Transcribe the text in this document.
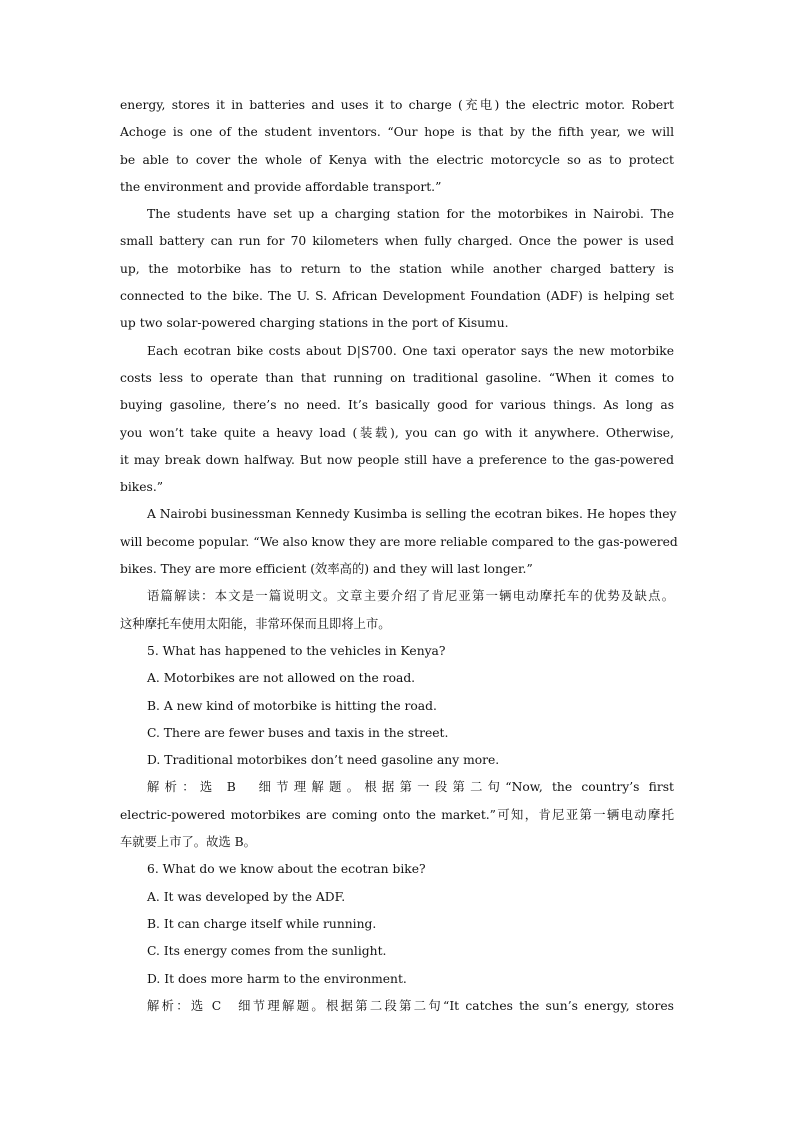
energy, stores it in batteries and uses it to charge (充电) the electric motor. Robert
Achoge is one of the student inventors. “Our hope is that by the fifth year, we will
be able to cover the whole of Kenya with the electric motorcycle so as to protect
the environment and provide affordable transport.”
The students have set up a charging station for the motorbikes in Nairobi. The
small battery can run for 70 kilometers when fully charged. Once the power is used
up, the motorbike has to return to the station while another charged battery is
connected to the bike. The U. S. African Development Foundation (ADF) is helping set
up two solar-powered charging stations in the port of Kisumu.
Each ecotran bike costs about D|S700. One taxi operator says the new motorbike
costs less to operate than that running on traditional gasoline. “When it comes to
buying gasoline, there’s no need. It’s basically good for various things. As long as
you won’t take quite a heavy load (装载), you can go with it anywhere. Otherwise,
it may break down halfway. But now people still have a preference to the gas-powered
bikes.”
A Nairobi businessman Kennedy Kusimba is selling the ecotran bikes. He hopes they
will become popular. “We also know they are more reliable compared to the gas-powered
bikes. They are more efficient (效率高的) and they will last longer.”
语篇解读：本文是一篇说明文。文章主要介绍了肯尼亚第一辆电动摩托车的优势及缺点。
这种摩托车使用太阳能，非常环保而且即将上市。
5. What has happened to the vehicles in Kenya?
A. Motorbikes are not allowed on the road.
B. A new kind of motorbike is hitting the road.
C. There are fewer buses and taxis in the street.
D. Traditional motorbikes don’t need gasoline any more.
解析：选 B　细节理解题。根据第一段第二句“Now, the country’s first
electric-powered motorbikes are coming onto the market.”可知，肯尼亚第一辆电动摩托
车就要上市了。故选 B。
6. What do we know about the ecotran bike?
A. It was developed by the ADF.
B. It can charge itself while running.
C. Its energy comes from the sunlight.
D. It does more harm to the environment.
解析：选 C　细节理解题。根据第二段第二句“It catches the sun’s energy, stores
